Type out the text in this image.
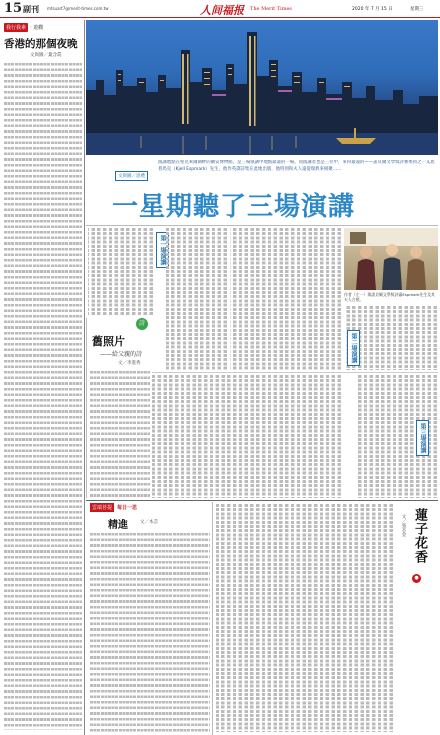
15 副刊 mtsuart7@merit-times.com.tw	人间福报 The Merit Times	2020 年 7 月 15 日	星期三
我行我素 ‧ 遊觀
香港的那個夜晚
文與圖／葉含眞
文與圖／思禮
演講地點在聖克萊爾湖畔的戴安博物館，是三場演講中地點最遠的一場。而演講者也是三位中，來得最遠的——諾貝爾文學獎評審委員之一艾思普馬克（Kjell Espmark）先生，他作英譯詩集在此地出版，他特別和夫人遠從瑞典來相聚……
一星期聽了三場演講
第一場演講
作者（左一）與諾貝爾文學獎評審Espmark先生及其夫人合照。
詩
舊照片
——給父親的詩
文／李進秀
第二場演講
第三場演講
雲端菩提	每日一思
精進	文／本芸	蓮子花香
文／張水金
●
